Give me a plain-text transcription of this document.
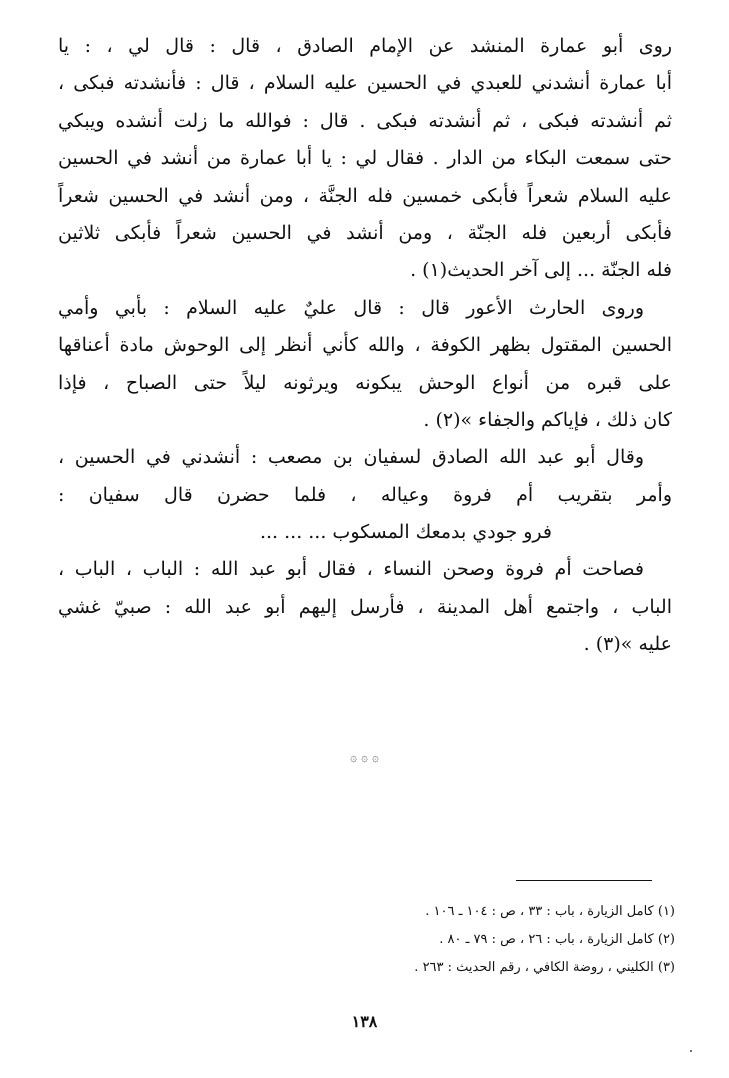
روى أبو عمارة المنشد عن الإمام الصادق ، قال : قال لي ، : يا
أبا عمارة أنشدني للعبدي في الحسين عليه السلام ، قال : فأنشدته فبكى ،
ثم أنشدته فبكى ، ثم أنشدته فبكى . قال : فوالله ما زلت أنشده ويبكي
حتى سمعت البكاء من الدار . فقال لي : يا أبا عمارة من أنشد في الحسين
عليه السلام شعراً فأبكى خمسين فله الجنَّة ، ومن أنشد في الحسين شعراً
فأبكى أربعين فله الجنّة ، ومن أنشد في الحسين شعراً فأبكى ثلاثين
فله الجنّة ... إلى آخر الحديث(١) .
وروى الحارث الأعور قال : قال عليٌ عليه السلام : بأبي وأمي
الحسين المقتول بظهر الكوفة ، والله كأني أنظر إلى الوحوش مادة أعناقها
على قبره من أنواع الوحش يبكونه ويرثونه ليلاً حتى الصباح ، فإذا
كان ذلك ، فإياكم والجفاء »(٢) .
وقال أبو عبد الله الصادق لسفيان بن مصعب : أنشدني في الحسين ،
وأمر بتقريب أم فروة وعياله ، فلما حضرن قال سفيان :
فرو جودي بدمعك المسكوب ... ... ...
فصاحت أم فروة وصحن النساء ، فقال أبو عبد الله : الباب ، الباب ،
الباب ، واجتمع أهل المدينة ، فأرسل إليهم أبو عبد الله : صبيّ غشي
عليه »(٣) .
۞ ۞ ۞
(١) كامل الزيارة ، باب : ٣٣ ، ص : ١٠٤ ـ ١٠٦ .
(٢) كامل الزيارة ، باب : ٢٦ ، ص : ٧٩ ـ ٨٠ .
(٣) الكليني ، روضة الكافي ، رقم الحديث : ٢٦٣ .
١٣٨
